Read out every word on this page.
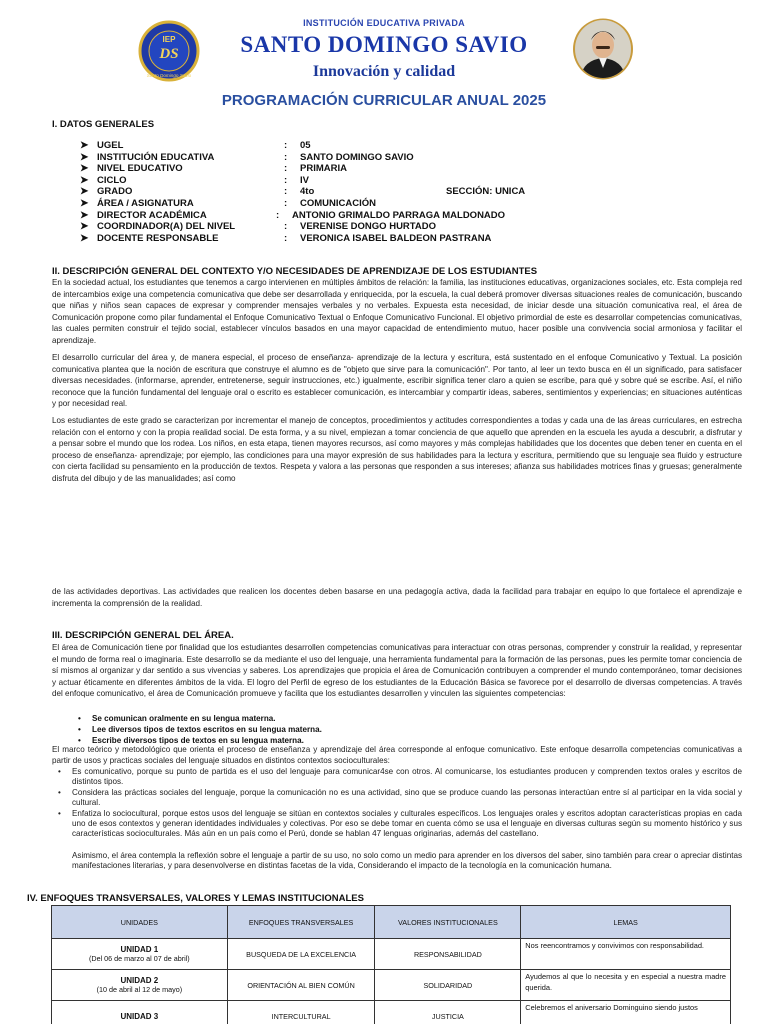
INSTITUCIÓN EDUCATIVA PRIVADA
SANTO DOMINGO SAVIO
Innovación y calidad
IEP
DS
Santo Domingo Savio
PROGRAMACIÓN CURRICULAR ANUAL 2025
I. DATOS GENERALES
➤ UGEL	: 05
➤ INSTITUCIÓN EDUCATIVA	: SANTO DOMINGO SAVIO
➤ NIVEL EDUCATIVO	: PRIMARIA
➤ CICLO	: IV
➤ GRADO	: 4to	SECCIÓN: UNICA
➤ ÁREA / ASIGNATURA	: COMUNICACIÓN
➤ DIRECTOR ACADÉMICA	: ANTONIO GRIMALDO PARRAGA MALDONADO
➤ COORDINADOR(A) DEL NIVEL	: VERENISE DONGO HURTADO
➤ DOCENTE RESPONSABLE	: VERONICA ISABEL BALDEON PASTRANA
II. DESCRIPCIÓN GENERAL DEL CONTEXTO Y/O NECESIDADES DE APRENDIZAJE DE LOS ESTUDIANTES
En la sociedad actual, los estudiantes que tenemos a cargo intervienen en múltiples ámbitos de relación: la familia, las instituciones educativas, organizaciones sociales, etc. Esta compleja red de intercambios exige una competencia comunicativa que debe ser desarrollada y enriquecida, por la escuela, la cual deberá promover diversas situaciones reales de comunicación, buscando que niñas y niños sean capaces de expresar y comprender mensajes verbales y no verbales. Expuesta esta necesidad, de iniciar desde una situación comunicativa real, el área de Comunicación propone como pilar fundamental el Enfoque Comunicativo Textual o Enfoque Comunicativo Funcional. El objetivo primordial de este es desarrollar competencias comunicativas, las cuales permiten construir el tejido social, establecer vínculos basados en una mayor capacidad de entendimiento mutuo, hacer posible una convivencia social armoniosa y facilitar el aprendizaje.
El desarrollo curricular del área y, de manera especial, el proceso de enseñanza- aprendizaje de la lectura y escritura, está sustentado en el enfoque Comunicativo y Textual. La posición comunicativa plantea que la noción de escritura que construye el alumno es de "objeto que sirve para la comunicación". Por tanto, al leer un texto busca en él un significado, para satisfacer diversas necesidades. (informarse, aprender, entretenerse, seguir instrucciones, etc.) igualmente, escribir significa tener claro a quien se escribe, para qué y sobre qué se escribe. Así, el niño reconoce que la función fundamental del lenguaje oral o escrito es establecer comunicación, es intercambiar y compartir ideas, saberes, sentimientos y experiencias; en situaciones auténticas y por necesidad real.
Los estudiantes de este grado se caracterizan por incrementar el manejo de conceptos, procedimientos y actitudes correspondientes a todas y cada una de las áreas curriculares, en estrecha relación con el entorno y con la propia realidad social. De esta forma, y a su nivel, empiezan a tomar conciencia de que aquello que aprenden en la escuela les ayuda a descubrir, a disfrutar y a pensar sobre el mundo que los rodea. Los niños, en esta etapa, tienen mayores recursos, así como mayores y más complejas habilidades que los docentes que deben tener en cuenta en el proceso de enseñanza- aprendizaje; por ejemplo, las condiciones para una mayor expresión de sus habilidades para la lectura y escritura, permitiendo que su lenguaje sea fluido y estructure con cierta facilidad su pensamiento en la producción de textos. Respeta y valora a las personas que responden a sus intereses; afianza sus habilidades motrices finas y gruesas; generalmente disfruta del dibujo y de las manualidades; así como
de las actividades deportivas. Las actividades que realicen los docentes deben basarse en una pedagogía activa, dada la facilidad para trabajar en equipo lo que fortalece el aprendizaje e incrementa la comprensión de la realidad.
III. DESCRIPCIÓN GENERAL DEL ÁREA.
El área de Comunicación tiene por finalidad que los estudiantes desarrollen competencias comunicativas para interactuar con otras personas, comprender y construir la realidad, y representar el mundo de forma real o imaginaria. Este desarrollo se da mediante el uso del lenguaje, una herramienta fundamental para la formación de las personas, pues les permite tomar conciencia de sí mismos al organizar y dar sentido a sus vivencias y saberes. Los aprendizajes que propicia el área de Comunicación contribuyen a comprender el mundo contemporáneo, tomar decisiones y actuar éticamente en diferentes ámbitos de la vida. El logro del Perfil de egreso de los estudiantes de la Educación Básica se favorece por el desarrollo de diversas competencias. A través del enfoque comunicativo, el área de Comunicación promueve y facilita que los estudiantes desarrollen y vinculen las siguientes competencias:
• Se comunican oralmente en su lengua materna.
• Lee diversos tipos de textos escritos en su lengua materna.
• Escribe diversos tipos de textos en su lengua materna.
El marco teórico y metodológico que orienta el proceso de enseñanza y aprendizaje del área corresponde al enfoque comunicativo. Este enfoque desarrolla competencias comunicativas a partir de usos y practicas sociales del lenguaje situados en distintos contextos socioculturales:
• Es comunicativo, porque su punto de partida es el uso del lenguaje para comunicar4se con otros. Al comunicarse, los estudiantes producen y comprenden textos orales y escritos de distintos tipos.
• Considera las prácticas sociales del lenguaje, porque la comunicación no es una actividad, sino que se produce cuando las personas interactúan entre sí al participar en la vida social y cultural.
• Enfatiza lo sociocultural, porque estos usos del lenguaje se sitúan en contextos sociales y culturales específicos. Los lenguajes orales y escritos adoptan características propias en cada uno de esos contextos y generan identidades individuales y colectivas. Por eso se debe tomar en cuenta cómo se usa el lenguaje en diversas culturas según su momento histórico y sus características socioculturales. Más aún en un país como el Perú, donde se hablan 47 lenguas originarias, además del castellano.
Asimismo, el área contempla la reflexión sobre el lenguaje a partir de su uso, no solo como un medio para aprender en los diversos del saber, sino también para crear o apreciar distintas manifestaciones literarias, y para desenvolverse en distintas facetas de la vida, Considerando el impacto de la tecnología en la comunicación humana.
IV. ENFOQUES TRANSVERSALES, VALORES Y LEMAS INSTITUCIONALES
UNIDADES	ENFOQUES TRANSVERSALES	VALORES INSTITUCIONALES	LEMAS

UNIDAD 1
(Del 06 de marzo al 07 de abril)	BUSQUEDA DE LA EXCELENCIA	RESPONSABILIDAD	Nos reencontramos y convivimos con responsabilidad.

UNIDAD 2
(10 de abril al 12 de mayo)	ORIENTACIÓN AL BIEN COMÚN	SOLIDARIDAD	Ayudemos al que lo necesita y en especial a nuestra madre querida.

UNIDAD 3	INTERCULTURAL	JUSTICIA	Celebremos el aniversario Dominguino siendo justos
